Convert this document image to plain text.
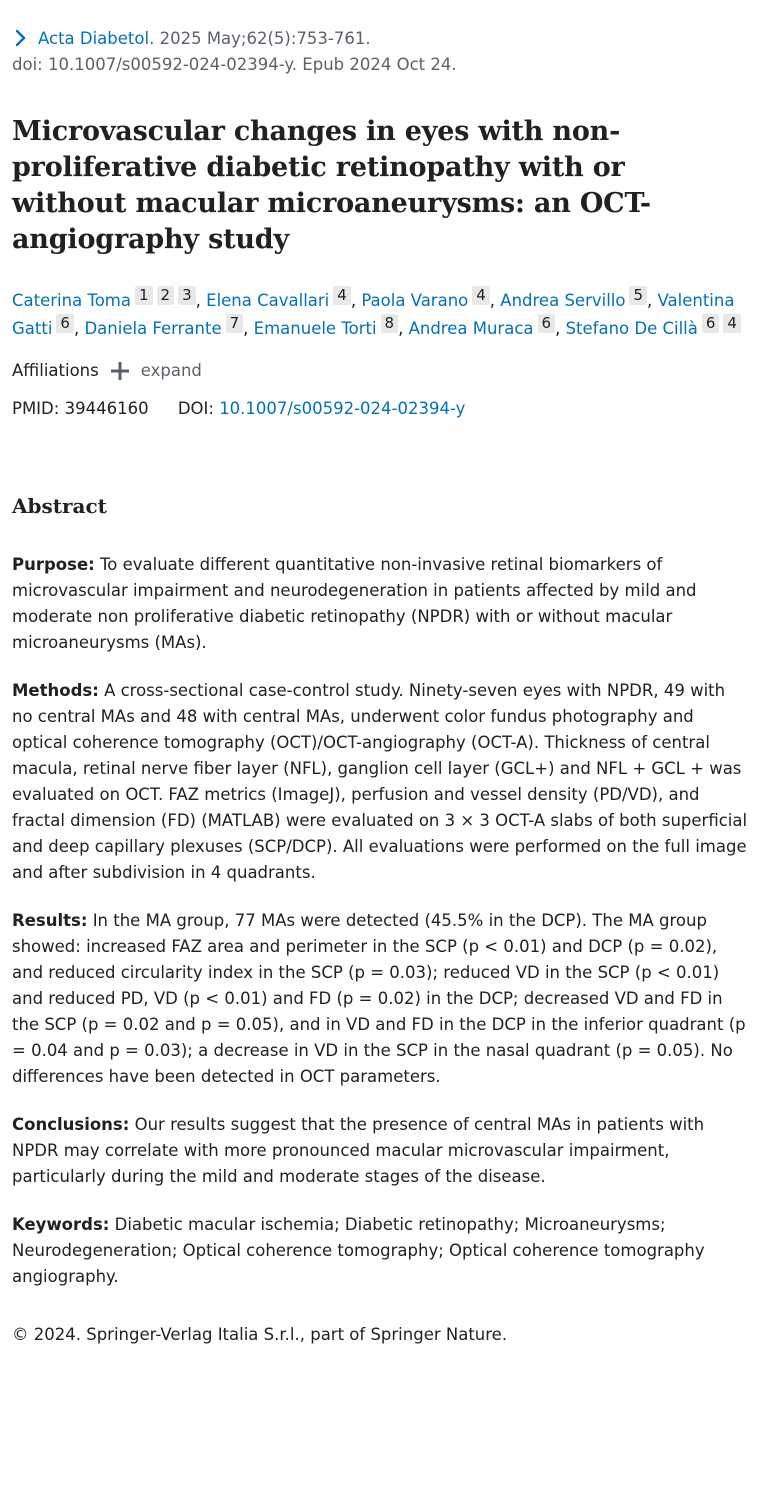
Acta Diabetol. 2025 May;62(5):753-761.
doi: 10.1007/s00592-024-02394-y. Epub 2024 Oct 24.
Microvascular changes in eyes with non-proliferative diabetic retinopathy with or without macular microaneurysms: an OCT-angiography study
Caterina Toma 1 2 3 , Elena Cavallari 4 , Paola Varano 4 , Andrea Servillo 5 , Valentina Gatti 6 , Daniela Ferrante 7 , Emanuele Torti 8 , Andrea Muraca 6 , Stefano De Cillà 6 4
Affiliations	expand
PMID: 39446160 DOI: 10.1007/s00592-024-02394-y
Abstract

Purpose: To evaluate different quantitative non-invasive retinal biomarkers of microvascular impairment and neurodegeneration in patients affected by mild and moderate non proliferative diabetic retinopathy (NPDR) with or without macular microaneurysms (MAs).

Methods: A cross-sectional case-control study. Ninety-seven eyes with NPDR, 49 with no central MAs and 48 with central MAs, underwent color fundus photography and optical coherence tomography (OCT)/OCT-angiography (OCT-A). Thickness of central macula, retinal nerve fiber layer (NFL), ganglion cell layer (GCL+) and NFL + GCL + was evaluated on OCT. FAZ metrics (ImageJ), perfusion and vessel density (PD/VD), and fractal dimension (FD) (MATLAB) were evaluated on 3 × 3 OCT-A slabs of both superficial and deep capillary plexuses (SCP/DCP). All evaluations were performed on the full image and after subdivision in 4 quadrants.

Results: In the MA group, 77 MAs were detected (45.5% in the DCP). The MA group showed: increased FAZ area and perimeter in the SCP (p < 0.01) and DCP (p = 0.02), and reduced circularity index in the SCP (p = 0.03); reduced VD in the SCP (p < 0.01) and reduced PD, VD (p < 0.01) and FD (p = 0.02) in the DCP; decreased VD and FD in the SCP (p = 0.02 and p = 0.05), and in VD and FD in the DCP in the inferior quadrant (p = 0.04 and p = 0.03); a decrease in VD in the SCP in the nasal quadrant (p = 0.05). No differences have been detected in OCT parameters.

Conclusions: Our results suggest that the presence of central MAs in patients with NPDR may correlate with more pronounced macular microvascular impairment, particularly during the mild and moderate stages of the disease.

Keywords: Diabetic macular ischemia; Diabetic retinopathy; Microaneurysms; Neurodegeneration; Optical coherence tomography; Optical coherence tomography angiography.

© 2024. Springer-Verlag Italia S.r.l., part of Springer Nature.
